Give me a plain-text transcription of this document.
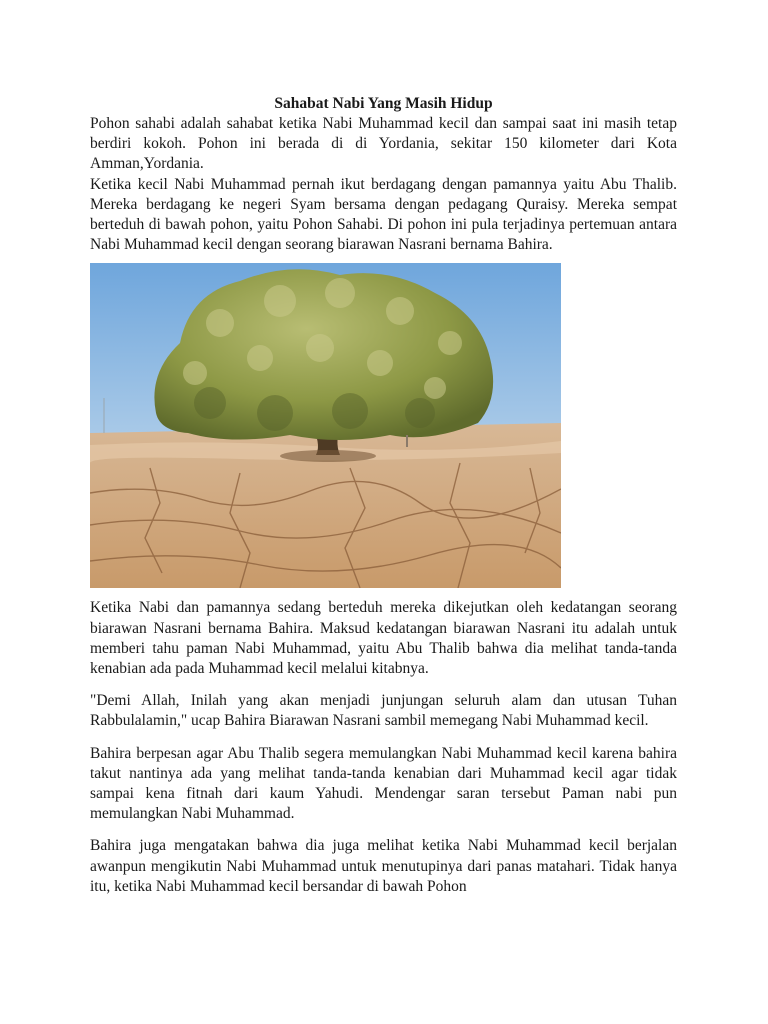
Sahabat Nabi Yang Masih Hidup

Pohon sahabi adalah sahabat ketika Nabi Muhammad kecil dan sampai saat ini masih tetap berdiri kokoh. Pohon ini berada di di Yordania, sekitar 150 kilometer dari Kota Amman,Yordania.

Ketika kecil Nabi Muhammad pernah ikut berdagang dengan pamannya yaitu Abu Thalib. Mereka berdagang ke negeri Syam bersama dengan pedagang Quraisy. Mereka sempat berteduh di bawah pohon, yaitu Pohon Sahabi. Di pohon ini pula terjadinya pertemuan antara Nabi Muhammad kecil dengan seorang biarawan Nasrani bernama Bahira.

Ketika Nabi dan pamannya sedang berteduh mereka dikejutkan oleh kedatangan seorang biarawan Nasrani bernama Bahira. Maksud kedatangan biarawan Nasrani itu adalah untuk memberi tahu paman Nabi Muhammad, yaitu Abu Thalib bahwa dia melihat tanda-tanda kenabian ada pada Muhammad kecil melalui kitabnya.

"Demi Allah, Inilah yang akan menjadi junjungan seluruh alam dan utusan Tuhan Rabbulalamin," ucap Bahira Biarawan Nasrani sambil memegang Nabi Muhammad kecil.

Bahira berpesan agar Abu Thalib segera memulangkan Nabi Muhammad kecil karena bahira takut nantinya ada yang melihat tanda-tanda kenabian dari Muhammad kecil agar tidak sampai kena fitnah dari kaum Yahudi. Mendengar saran tersebut Paman nabi pun memulangkan Nabi Muhammad.

Bahira juga mengatakan bahwa dia juga melihat ketika Nabi Muhammad kecil berjalan awanpun mengikutin Nabi Muhammad untuk menutupinya dari panas matahari. Tidak hanya itu, ketika Nabi Muhammad kecil bersandar di bawah Pohon
